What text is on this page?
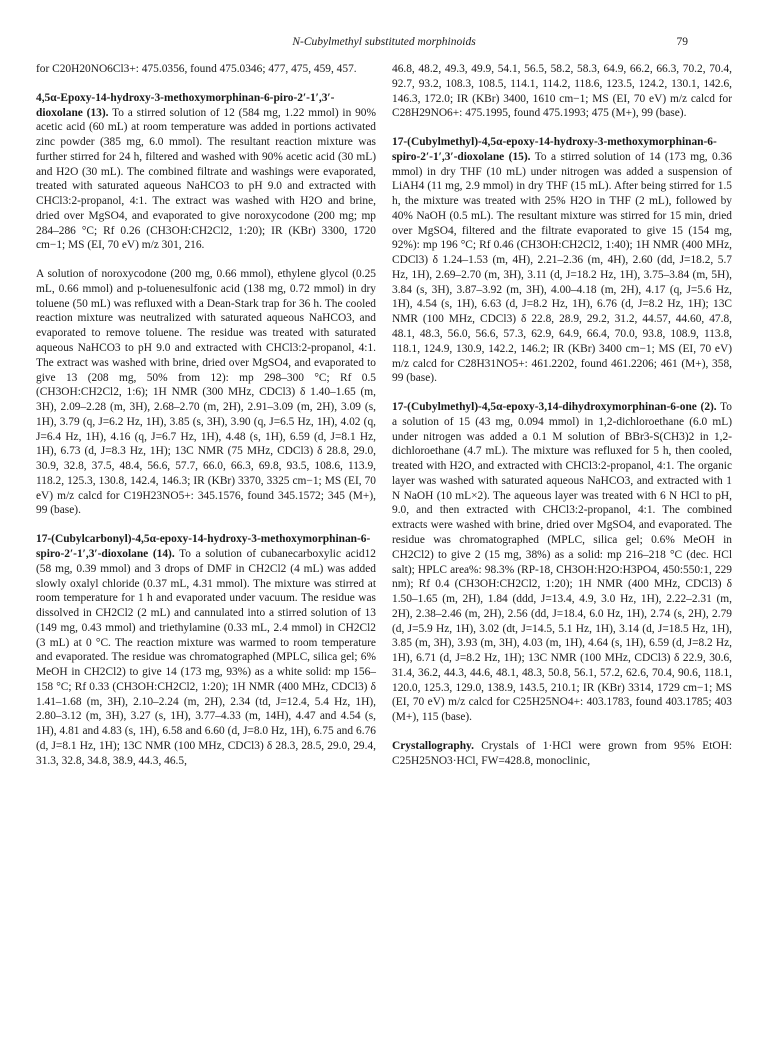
N-Cubylmethyl substituted morphinoids	79

for C20H20NO6Cl3+: 475.0356, found 475.0346; 477, 475, 459, 457.

4,5α-Epoxy-14-hydroxy-3-methoxymorphinan-6-piro-2′-1′,3′-dioxolane (13). To a stirred solution of 12 (584 mg, 1.22 mmol) in 90% acetic acid (60 mL) at room temperature was added in portions activated zinc powder (385 mg, 6.0 mmol). The resultant reaction mixture was further stirred for 24 h, filtered and washed with 90% acetic acid (30 mL) and H2O (30 mL). The combined filtrate and washings were evaporated, treated with saturated aqueous NaHCO3 to pH 9.0 and extracted with CHCl3:2-propanol, 4:1. The extract was washed with H2O and brine, dried over MgSO4, and evaporated to give noroxycodone (200 mg; mp 284–286 °C; Rf 0.26 (CH3OH:CH2Cl2, 1:20); IR (KBr) 3300, 1720 cm−1; MS (EI, 70 eV) m/z 301, 216.

A solution of noroxycodone (200 mg, 0.66 mmol), ethylene glycol (0.25 mL, 0.66 mmol) and p-toluenesulfonic acid (138 mg, 0.72 mmol) in dry toluene (50 mL) was refluxed with a Dean-Stark trap for 36 h. The cooled reaction mixture was neutralized with saturated aqueous NaHCO3, and evaporated to remove toluene. The residue was treated with saturated aqueous NaHCO3 to pH 9.0 and extracted with CHCl3:2-propanol, 4:1. The extract was washed with brine, dried over MgSO4, and evaporated to give 13 (208 mg, 50% from 12): mp 298–300 °C; Rf 0.5 (CH3OH:CH2Cl2, 1:6); 1H NMR (300 MHz, CDCl3) δ 1.40–1.65 (m, 3H), 2.09–2.28 (m, 3H), 2.68–2.70 (m, 2H), 2.91–3.09 (m, 2H), 3.09 (s, 1H), 3.79 (q, J=6.2 Hz, 1H), 3.85 (s, 3H), 3.90 (q, J=6.5 Hz, 1H), 4.02 (q, J=6.4 Hz, 1H), 4.16 (q, J=6.7 Hz, 1H), 4.48 (s, 1H), 6.59 (d, J=8.1 Hz, 1H), 6.73 (d, J=8.3 Hz, 1H); 13C NMR (75 MHz, CDCl3) δ 28.8, 29.0, 30.9, 32.8, 37.5, 48.4, 56.6, 57.7, 66.0, 66.3, 69.8, 93.5, 108.6, 113.9, 118.2, 125.3, 130.8, 142.4, 146.3; IR (KBr) 3370, 3325 cm−1; MS (EI, 70 eV) m/z calcd for C19H23NO5+: 345.1576, found 345.1572; 345 (M+), 99 (base).

17-(Cubylcarbonyl)-4,5α-epoxy-14-hydroxy-3-methoxymorphinan-6-spiro-2′-1′,3′-dioxolane (14). To a solution of cubanecarboxylic acid12 (58 mg, 0.39 mmol) and 3 drops of DMF in CH2Cl2 (4 mL) was added slowly oxalyl chloride (0.37 mL, 4.31 mmol). The mixture was stirred at room temperature for 1 h and evaporated under vacuum. The residue was dissolved in CH2Cl2 (2 mL) and cannulated into a stirred solution of 13 (149 mg, 0.43 mmol) and triethylamine (0.33 mL, 2.4 mmol) in CH2Cl2 (3 mL) at 0 °C. The reaction mixture was warmed to room temperature and evaporated. The residue was chromatographed (MPLC, silica gel; 6% MeOH in CH2Cl2) to give 14 (173 mg, 93%) as a white solid: mp 156–158 °C; Rf 0.33 (CH3OH:CH2Cl2, 1:20); 1H NMR (400 MHz, CDCl3) δ 1.41–1.68 (m, 3H), 2.10–2.24 (m, 2H), 2.34 (td, J=12.4, 5.4 Hz, 1H), 2.80–3.12 (m, 3H), 3.27 (s, 1H), 3.77–4.33 (m, 14H), 4.47 and 4.54 (s, 1H), 4.81 and 4.83 (s, 1H), 6.58 and 6.60 (d, J=8.0 Hz, 1H), 6.75 and 6.76 (d, J=8.1 Hz, 1H); 13C NMR (100 MHz, CDCl3) δ 28.3, 28.5, 29.0, 29.4, 31.3, 32.8, 34.8, 38.9, 44.3, 46.5,

46.8, 48.2, 49.3, 49.9, 54.1, 56.5, 58.2, 58.3, 64.9, 66.2, 66.3, 70.2, 70.4, 92.7, 93.2, 108.3, 108.5, 114.1, 114.2, 118.6, 123.5, 124.2, 130.1, 142.6, 146.3, 172.0; IR (KBr) 3400, 1610 cm−1; MS (EI, 70 eV) m/z calcd for C28H29NO6+: 475.1995, found 475.1993; 475 (M+), 99 (base).

17-(Cubylmethyl)-4,5α-epoxy-14-hydroxy-3-methoxymorphinan-6-spiro-2′-1′,3′-dioxolane (15). To a stirred solution of 14 (173 mg, 0.36 mmol) in dry THF (10 mL) under nitrogen was added a suspension of LiAH4 (11 mg, 2.9 mmol) in dry THF (15 mL). After being stirred for 1.5 h, the mixture was treated with 25% H2O in THF (2 mL), followed by 40% NaOH (0.5 mL). The resultant mixture was stirred for 15 min, dried over MgSO4, filtered and the filtrate evaporated to give 15 (154 mg, 92%): mp 196 °C; Rf 0.46 (CH3OH:CH2Cl2, 1:40); 1H NMR (400 MHz, CDCl3) δ 1.24–1.53 (m, 4H), 2.21–2.36 (m, 4H), 2.60 (dd, J=18.2, 5.7 Hz, 1H), 2.69–2.70 (m, 3H), 3.11 (d, J=18.2 Hz, 1H), 3.75–3.84 (m, 5H), 3.84 (s, 3H), 3.87–3.92 (m, 3H), 4.00–4.18 (m, 2H), 4.17 (q, J=5.6 Hz, 1H), 4.54 (s, 1H), 6.63 (d, J=8.2 Hz, 1H), 6.76 (d, J=8.2 Hz, 1H); 13C NMR (100 MHz, CDCl3) δ 22.8, 28.9, 29.2, 31.2, 44.57, 44.60, 47.8, 48.1, 48.3, 56.0, 56.6, 57.3, 62.9, 64.9, 66.4, 70.0, 93.8, 108.9, 113.8, 118.1, 124.9, 130.9, 142.2, 146.2; IR (KBr) 3400 cm−1; MS (EI, 70 eV) m/z calcd for C28H31NO5+: 461.2202, found 461.2206; 461 (M+), 358, 99 (base).

17-(Cubylmethyl)-4,5α-epoxy-3,14-dihydroxymorphinan-6-one (2). To a solution of 15 (43 mg, 0.094 mmol) in 1,2-dichloroethane (6.0 mL) under nitrogen was added a 0.1 M solution of BBr3-S(CH3)2 in 1,2-dichloroethane (4.7 mL). The mixture was refluxed for 5 h, then cooled, treated with H2O, and extracted with CHCl3:2-propanol, 4:1. The organic layer was washed with saturated aqueous NaHCO3, and extracted with 1 N NaOH (10 mL×2). The aqueous layer was treated with 6 N HCl to pH, 9.0, and then extracted with CHCl3:2-propanol, 4:1. The combined extracts were washed with brine, dried over MgSO4, and evaporated. The residue was chromatographed (MPLC, silica gel; 0.6% MeOH in CH2Cl2) to give 2 (15 mg, 38%) as a solid: mp 216–218 °C (dec. HCl salt); HPLC area%: 98.3% (RP-18, CH3OH:H2O:H3PO4, 450:550:1, 229 nm); Rf 0.4 (CH3OH:CH2Cl2, 1:20); 1H NMR (400 MHz, CDCl3) δ 1.50–1.65 (m, 2H), 1.84 (ddd, J=13.4, 4.9, 3.0 Hz, 1H), 2.22–2.31 (m, 2H), 2.38–2.46 (m, 2H), 2.56 (dd, J=18.4, 6.0 Hz, 1H), 2.74 (s, 2H), 2.79 (d, J=5.9 Hz, 1H), 3.02 (dt, J=14.5, 5.1 Hz, 1H), 3.14 (d, J=18.5 Hz, 1H), 3.85 (m, 3H), 3.93 (m, 3H), 4.03 (m, 1H), 4.64 (s, 1H), 6.59 (d, J=8.2 Hz, 1H), 6.71 (d, J=8.2 Hz, 1H); 13C NMR (100 MHz, CDCl3) δ 22.9, 30.6, 31.4, 36.2, 44.3, 44.6, 48.1, 48.3, 50.8, 56.1, 57.2, 62.6, 70.4, 90.6, 118.1, 120.0, 125.3, 129.0, 138.9, 143.5, 210.1; IR (KBr) 3314, 1729 cm−1; MS (EI, 70 eV) m/z calcd for C25H25NO4+: 403.1783, found 403.1785; 403 (M+), 115 (base).

Crystallography. Crystals of 1·HCl were grown from 95% EtOH: C25H25NO3·HCl, FW=428.8, monoclinic,
